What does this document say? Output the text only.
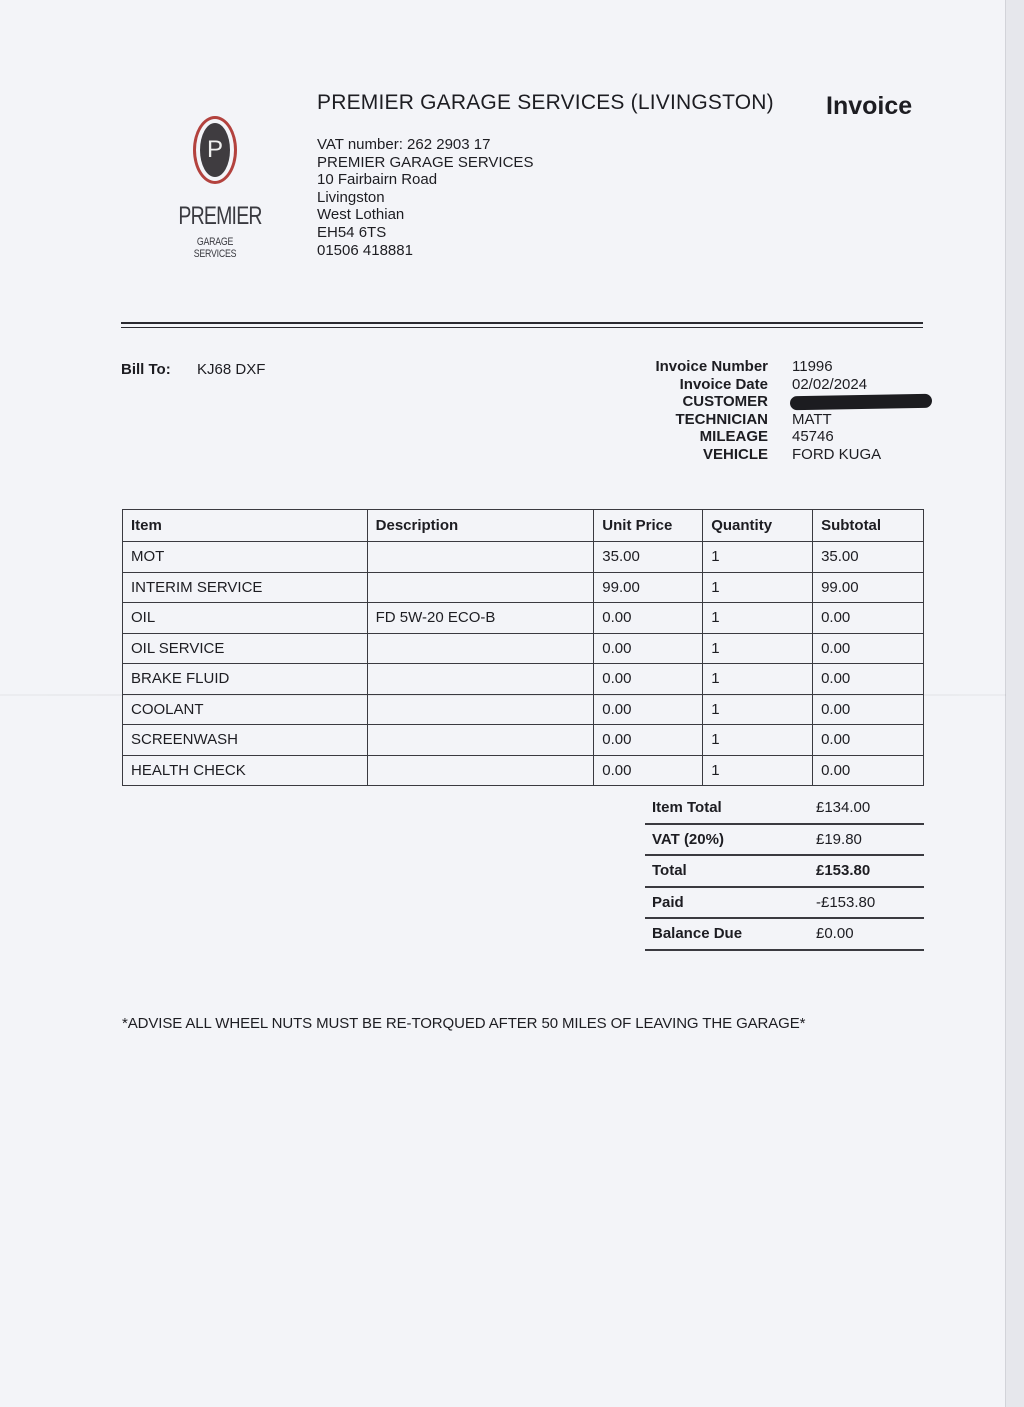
P
PREMIER
GARAGE SERVICES
PREMIER GARAGE SERVICES (LIVINGSTON) Invoice
VAT number: 262 2903 17
PREMIER GARAGE SERVICES
10 Fairbairn Road
Livingston
West Lothian
EH54 6TS
01506 418881
Bill To: KJ68 DXF	Invoice Number 11996
Invoice Date 02/02/2024
CUSTOMER
TECHNICIAN MATT
MILEAGE 45746
VEHICLE FORD KUGA
Item	Description	Unit Price	Quantity	Subtotal
MOT		35.00	1	35.00
INTERIM SERVICE		99.00	1	99.00
OIL	FD 5W-20 ECO-B	0.00	1	0.00
OIL SERVICE		0.00	1	0.00
BRAKE FLUID		0.00	1	0.00
COOLANT		0.00	1	0.00
SCREENWASH		0.00	1	0.00
HEALTH CHECK		0.00	1	0.00
Item Total	£134.00
VAT (20%)	£19.80
Total	£153.80
Paid	-£153.80
Balance Due	£0.00
*ADVISE ALL WHEEL NUTS MUST BE RE-TORQUED AFTER 50 MILES OF LEAVING THE GARAGE*
